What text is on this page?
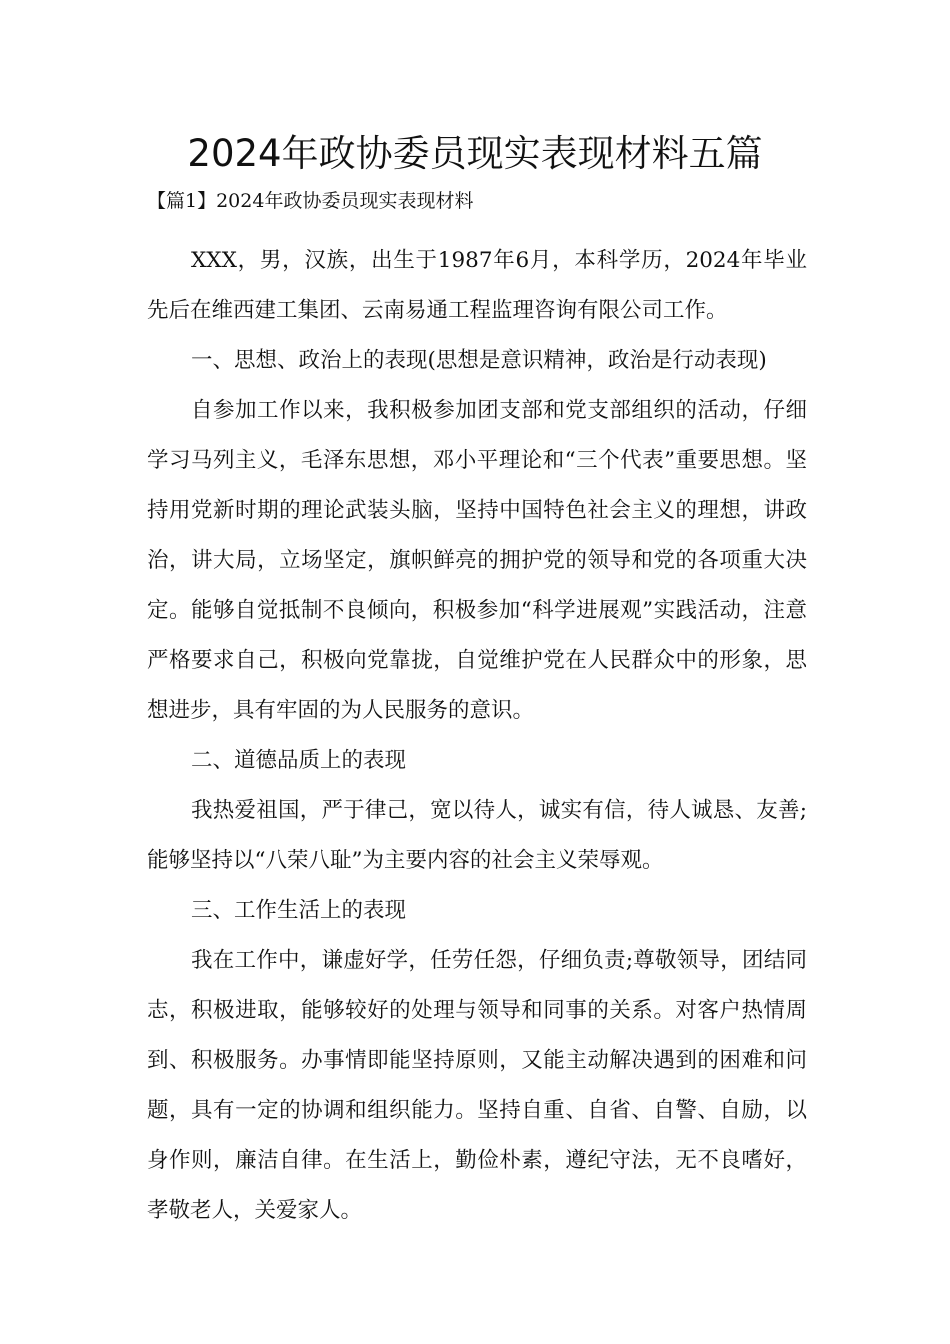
2024年政协委员现实表现材料五篇

【篇1】2024年政协委员现实表现材料

XXX，男，汉族，出生于1987年6月，本科学历，2024年毕业先后在维西建工集团、云南易通工程监理咨询有限公司工作。

一、思想、政治上的表现(思想是意识精神，政治是行动表现)

自参加工作以来，我积极参加团支部和党支部组织的活动，仔细学习马列主义，毛泽东思想，邓小平理论和“三个代表”重要思想。坚持用党新时期的理论武装头脑，坚持中国特色社会主义的理想，讲政治，讲大局，立场坚定，旗帜鲜亮的拥护党的领导和党的各项重大决定。能够自觉抵制不良倾向，积极参加“科学进展观”实践活动，注意严格要求自己，积极向党靠拢，自觉维护党在人民群众中的形象，思想进步，具有牢固的为人民服务的意识。

二、道德品质上的表现

我热爱祖国，严于律己，宽以待人，诚实有信，待人诚恳、友善;能够坚持以“八荣八耻”为主要内容的社会主义荣辱观。

三、工作生活上的表现

我在工作中，谦虚好学，任劳任怨，仔细负责;尊敬领导，团结同志，积极进取，能够较好的处理与领导和同事的关系。对客户热情周到、积极服务。办事情即能坚持原则，又能主动解决遇到的困难和问题，具有一定的协调和组织能力。坚持自重、自省、自警、自励，以身作则，廉洁自律。在生活上，勤俭朴素，遵纪守法，无不良嗜好，孝敬老人，关爱家人。
